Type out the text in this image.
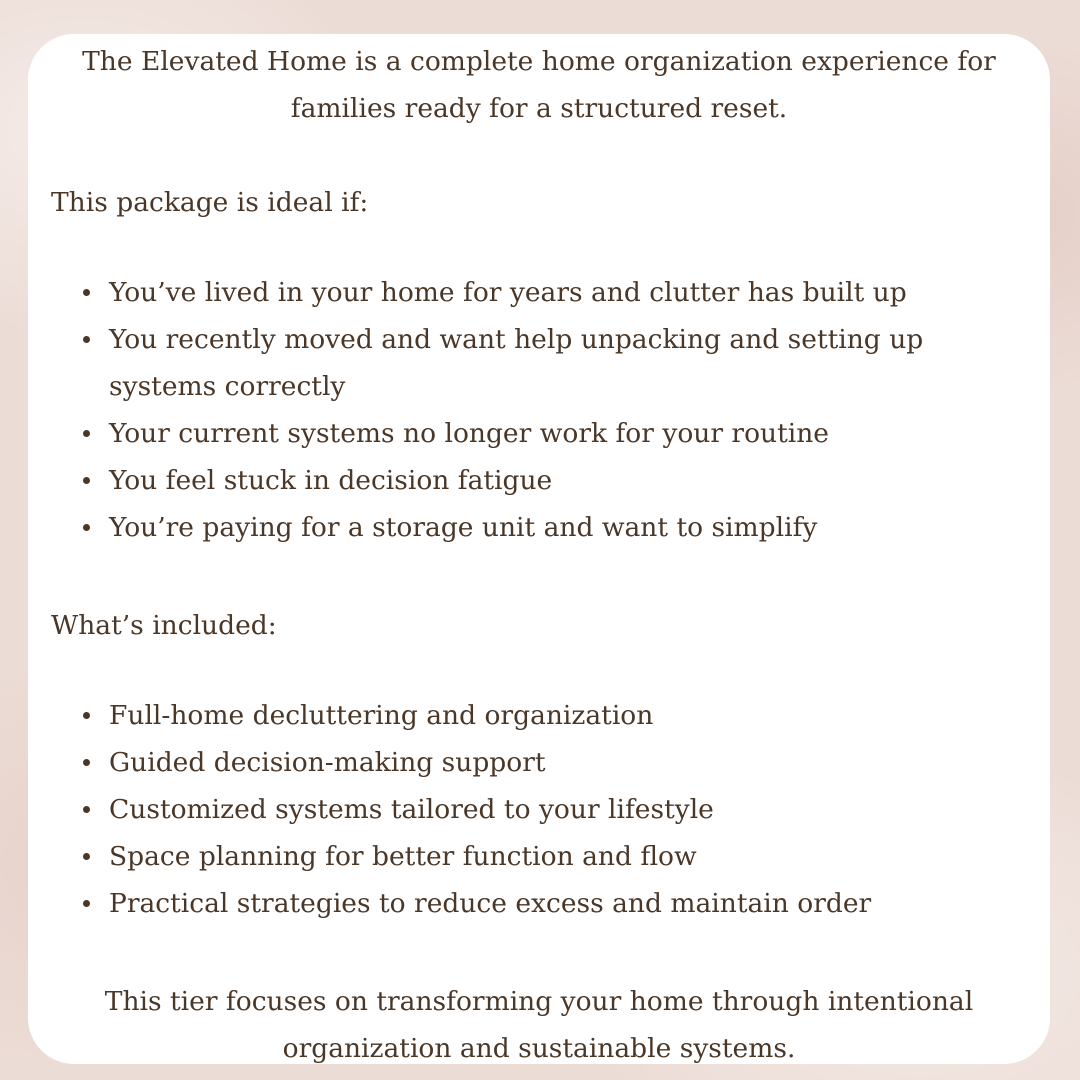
The Elevated Home is a complete home organization experience for
families ready for a structured reset.

This package is ideal if:

You’ve lived in your home for years and clutter has built up
You recently moved and want help unpacking and setting up systems correctly
Your current systems no longer work for your routine
You feel stuck in decision fatigue
You’re paying for a storage unit and want to simplify

What’s included:

Full-home decluttering and organization
Guided decision-making support
Customized systems tailored to your lifestyle
Space planning for better function and flow
Practical strategies to reduce excess and maintain order

This tier focuses on transforming your home through intentional
organization and sustainable systems.
